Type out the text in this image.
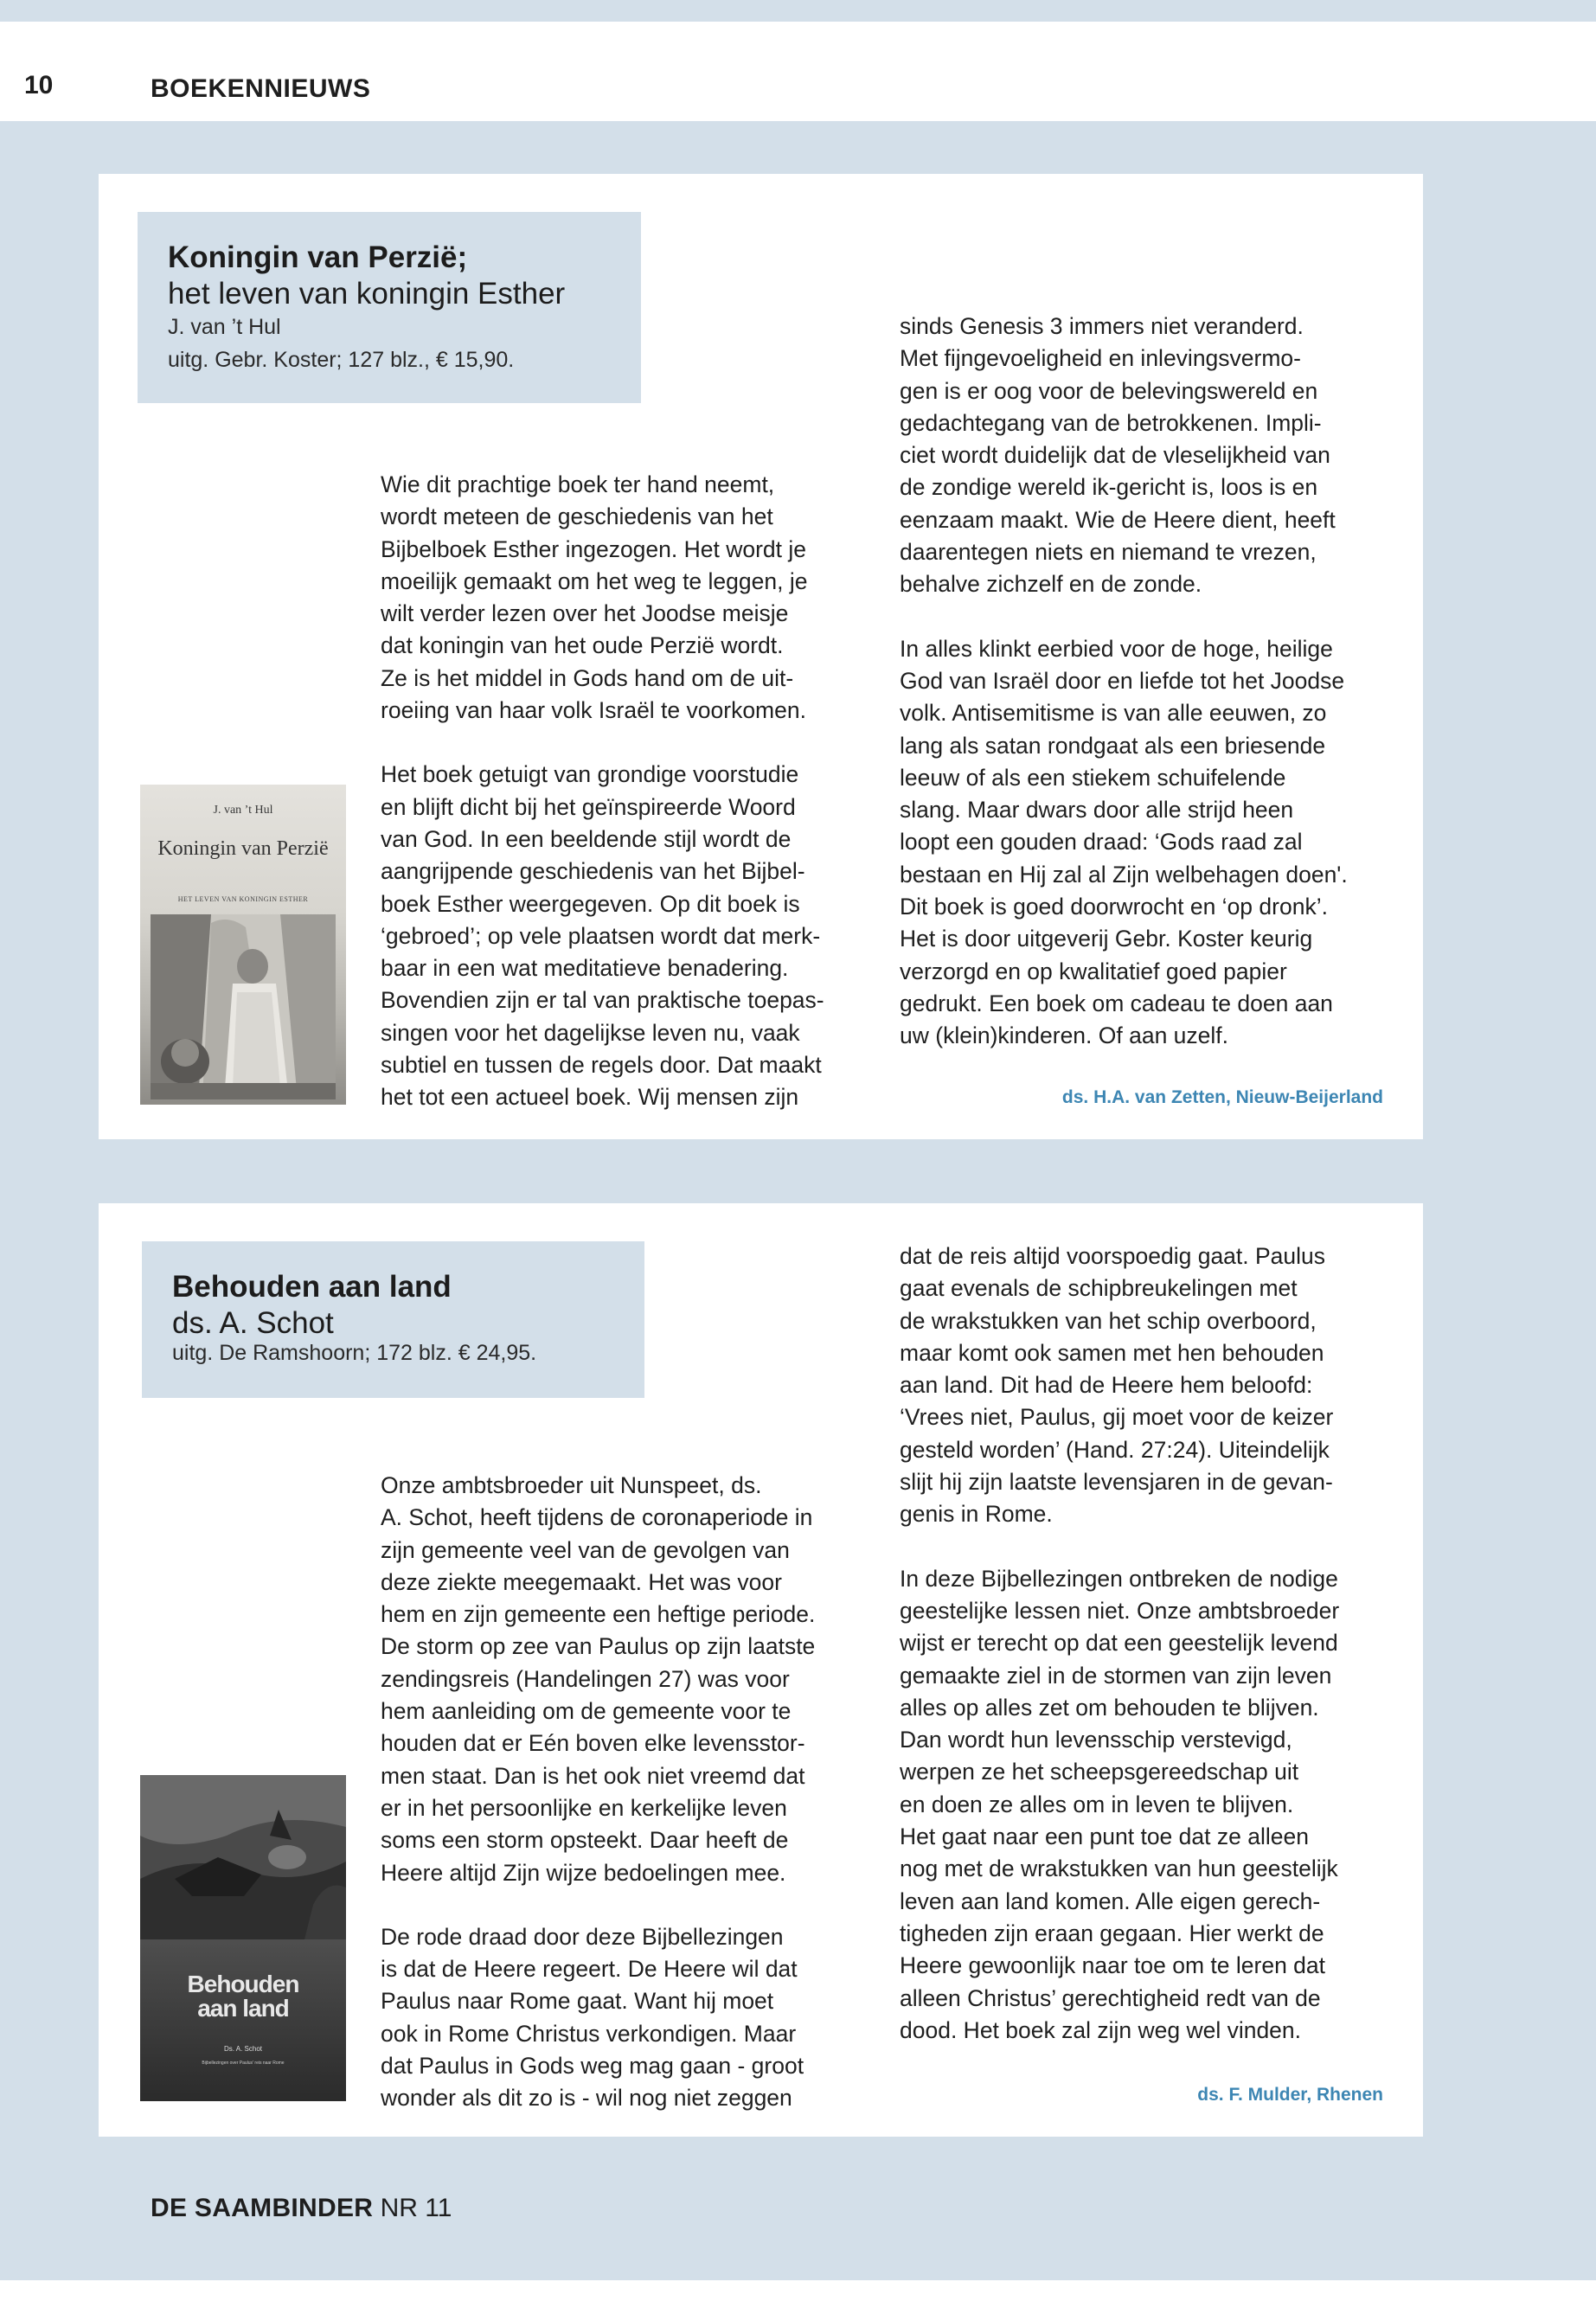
10	BOEKENNIEUWS
Koningin van Perzië;
het leven van koningin Esther
J. van ’t Hul
uitg. Gebr. Koster; 127 blz., € 15,90.
J. van ’t Hul
Koningin van Perzië
HET LEVEN VAN KONINGIN ESTHER

Wie dit prachtige boek ter hand neemt,
wordt meteen de geschiedenis van het
Bijbelboek Esther ingezogen. Het wordt je
moeilijk gemaakt om het weg te leggen, je
wilt verder lezen over het Joodse meisje
dat koningin van het oude Perzië wordt.
Ze is het middel in Gods hand om de uit-
roeiing van haar volk Israël te voorkomen.

Het boek getuigt van grondige voorstudie
en blijft dicht bij het geïnspireerde Woord
van God. In een beeldende stijl wordt de
aangrijpende geschiedenis van het Bijbel-
boek Esther weergegeven. Op dit boek is
‘gebroed’; op vele plaatsen wordt dat merk-
baar in een wat meditatieve benadering.
Bovendien zijn er tal van praktische toepas-
singen voor het dagelijkse leven nu, vaak
subtiel en tussen de regels door. Dat maakt
het tot een actueel boek. Wij mensen zijn

sinds Genesis 3 immers niet veranderd.
Met fijngevoeligheid en inlevingsvermo-
gen is er oog voor de belevingswereld en
gedachtegang van de betrokkenen. Impli-
ciet wordt duidelijk dat de vleselijkheid van
de zondige wereld ik-gericht is, loos is en
eenzaam maakt. Wie de Heere dient, heeft
daarentegen niets en niemand te vrezen,
behalve zichzelf en de zonde.

In alles klinkt eerbied voor de hoge, heilige
God van Israël door en liefde tot het Joodse
volk. Antisemitisme is van alle eeuwen, zo
lang als satan rondgaat als een briesende
leeuw of als een stiekem schuifelende
slang. Maar dwars door alle strijd heen
loopt een gouden draad: ‘Gods raad zal
bestaan en Hij zal al Zijn welbehagen doen'.
Dit boek is goed doorwrocht en ‘op dronk’.
Het is door uitgeverij Gebr. Koster keurig
verzorgd en op kwalitatief goed papier
gedrukt. Een boek om cadeau te doen aan
uw (klein)kinderen. Of aan uzelf.

ds. H.A. van Zetten, Nieuw-Beijerland
Behouden aan land
ds. A. Schot
uitg. De Ramshoorn; 172 blz. € 24,95.
Behouden
aan land
Ds. A. Schot
Bijbellezingen over Paulus' reis naar Rome

Onze ambtsbroeder uit Nunspeet, ds.
A. Schot, heeft tijdens de coronaperiode in
zijn gemeente veel van de gevolgen van
deze ziekte meegemaakt. Het was voor
hem en zijn gemeente een heftige periode.
De storm op zee van Paulus op zijn laatste
zendingsreis (Handelingen 27) was voor
hem aanleiding om de gemeente voor te
houden dat er Eén boven elke levensstor-
men staat. Dan is het ook niet vreemd dat
er in het persoonlijke en kerkelijke leven
soms een storm opsteekt. Daar heeft de
Heere altijd Zijn wijze bedoelingen mee.

De rode draad door deze Bijbellezingen
is dat de Heere regeert. De Heere wil dat
Paulus naar Rome gaat. Want hij moet
ook in Rome Christus verkondigen. Maar
dat Paulus in Gods weg mag gaan - groot
wonder als dit zo is - wil nog niet zeggen

dat de reis altijd voorspoedig gaat. Paulus
gaat evenals de schipbreukelingen met
de wrakstukken van het schip overboord,
maar komt ook samen met hen behouden
aan land. Dit had de Heere hem beloofd:
‘Vrees niet, Paulus, gij moet voor de keizer
gesteld worden’ (Hand. 27:24). Uiteindelijk
slijt hij zijn laatste levensjaren in de gevan-
genis in Rome.

In deze Bijbellezingen ontbreken de nodige
geestelijke lessen niet. Onze ambtsbroeder
wijst er terecht op dat een geestelijk levend
gemaakte ziel in de stormen van zijn leven
alles op alles zet om behouden te blijven.
Dan wordt hun levensschip verstevigd,
werpen ze het scheepsgereedschap uit
en doen ze alles om in leven te blijven.
Het gaat naar een punt toe dat ze alleen
nog met de wrakstukken van hun geestelijk
leven aan land komen. Alle eigen gerech-
tigheden zijn eraan gegaan. Hier werkt de
Heere gewoonlijk naar toe om te leren dat
alleen Christus’ gerechtigheid redt van de
dood. Het boek zal zijn weg wel vinden.

ds. F. Mulder, Rhenen
DE SAAMBINDER NR 11
